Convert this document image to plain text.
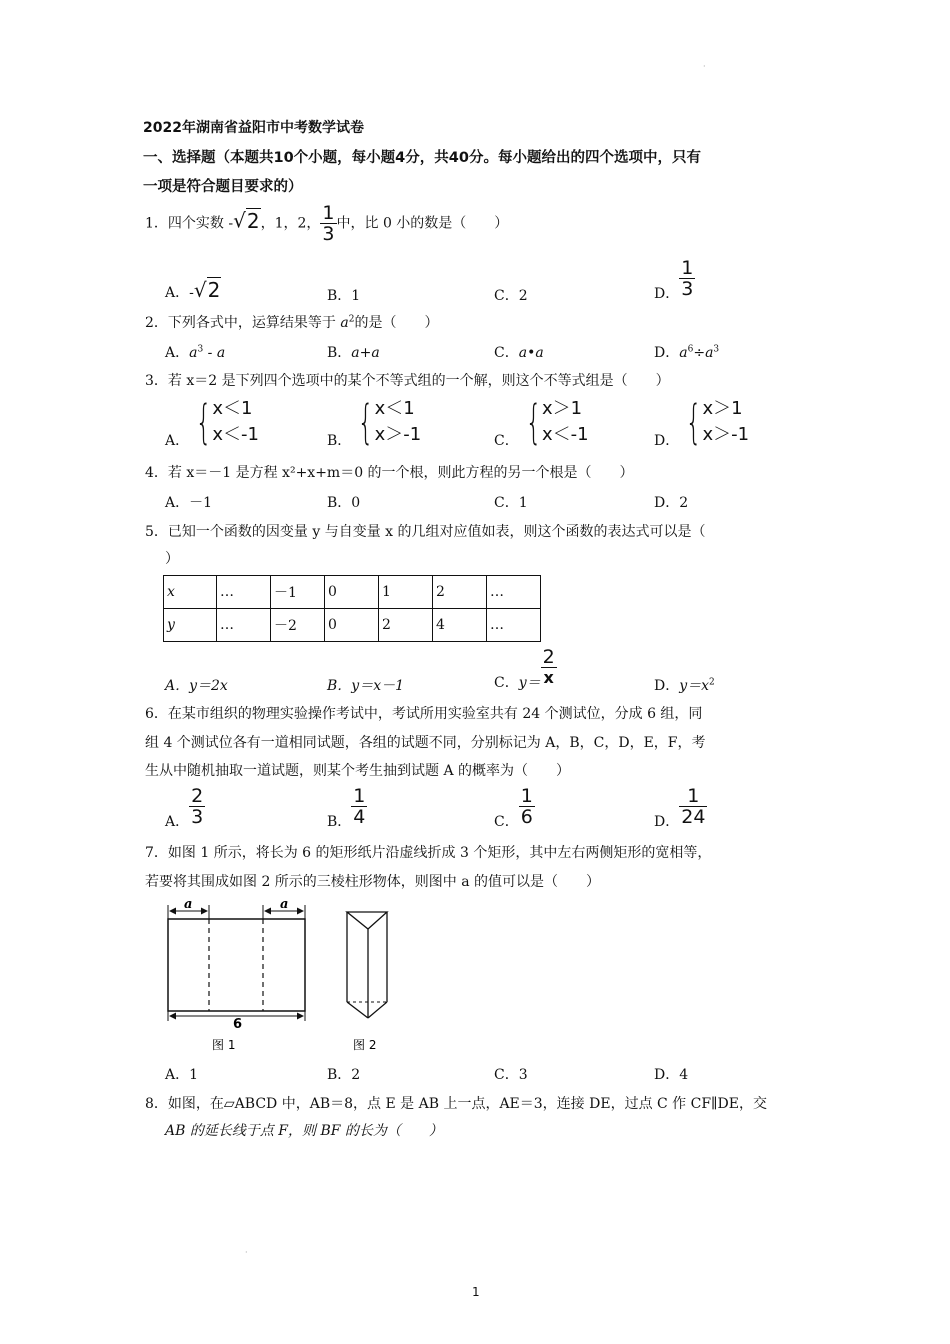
·
2022年湖南省益阳市中考数学试卷
一、选择题（本题共10个小题，每小题4分，共40分。每小题给出的四个选项中，只有
一项是符合题目要求的）
1．四个实数 -√2，1，2， $\frac{1}{3}$ 中，比 0 小的数是（　　）
A．-√2	B．1	C．2	D． $\frac{1}{3}$
2．下列各式中，运算结果等于 $a^2$的是（　　）
A．$a^3$ - a	B．a+a	C．a•a	D．$a^6\div a^3$
3．若 x＝2 是下列四个选项中的某个不等式组的一个解，则这个不等式组是（　　）
A． {x＜1
x＜-1	B． {x＜1
x＞-1	C． {x＞1
x＜-1	D． {x＞1
x＞-1
4．若 x＝－1 是方程 x²+x+m＝0 的一个根，则此方程的另一个根是（　　）
A．－1	B．0	C．1	D．2
5．已知一个函数的因变量 y 与自变量 x 的几组对应值如表，则这个函数的表达式可以是（
）
x	…	－1	0	1	2	…
y	…	－2	0	2	4	…
A．y＝2x	B．y＝x－1	C．$y= \frac{2}{x}$	D．$y=x^2$
6．在某市组织的物理实验操作考试中，考试所用实验室共有 24 个测试位，分成 6 组，同
组 4 个测试位各有一道相同试题，各组的试题不同，分别标记为 A，B，C，D，E，F，考
生从中随机抽取一道试题，则某个考生抽到试题 A 的概率为（　　）
A． $\frac{2}{3}$	B． $\frac{1}{4}$	C． $\frac{1}{6}$	D． $\frac{1}{24}$
7．如图 1 所示，将长为 6 的矩形纸片沿虚线折成 3 个矩形，其中左右两侧矩形的宽相等，
若要将其围成如图 2 所示的三棱柱形物体，则图中 a 的值可以是（　　）
a	a
6
图 1	图 2
A．1	B．2	C．3	D．4
8．如图，在▱ABCD 中，AB＝8，点 E 是 AB 上一点，AE＝3，连接 DE，过点 C 作 CF∥DE，交
AB 的延长线于点 F，则 BF 的长为（　　）
·
1
